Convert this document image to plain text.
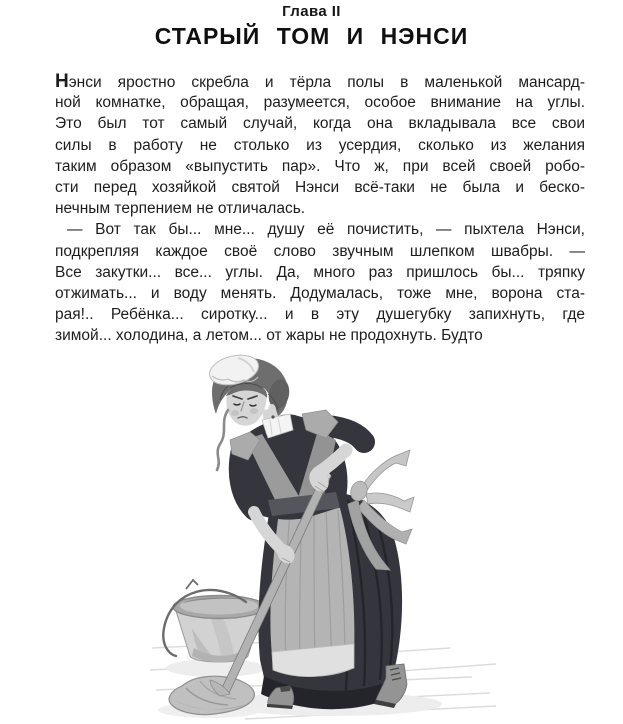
Глава II
СТАРЫЙ ТОМ И НЭНСИ
Нэнси яростно скребла и тёрла полы в маленькой мансард-
ной комнатке, обращая, разумеется, особое внимание на углы.
Это был тот самый случай, когда она вкладывала все свои
силы в работу не столько из усердия, сколько из желания
таким образом «выпустить пар». Что ж, при всей своей робо-
сти перед хозяйкой святой Нэнси всё-таки не была и беско-
нечным терпением не отличалась.
— Вот так бы... мне... душу её почистить, — пыхтела Нэнси,
подкрепляя каждое своё слово звучным шлепком швабры. —
Все закутки... все... углы. Да, много раз пришлось бы... тряпку
отжимать... и воду менять. Додумалась, тоже мне, ворона ста-
рая!.. Ребёнка... сиротку... и в эту душегубку запихнуть, где
зимой... холодина, а летом... от жары не продохнуть. Будто
